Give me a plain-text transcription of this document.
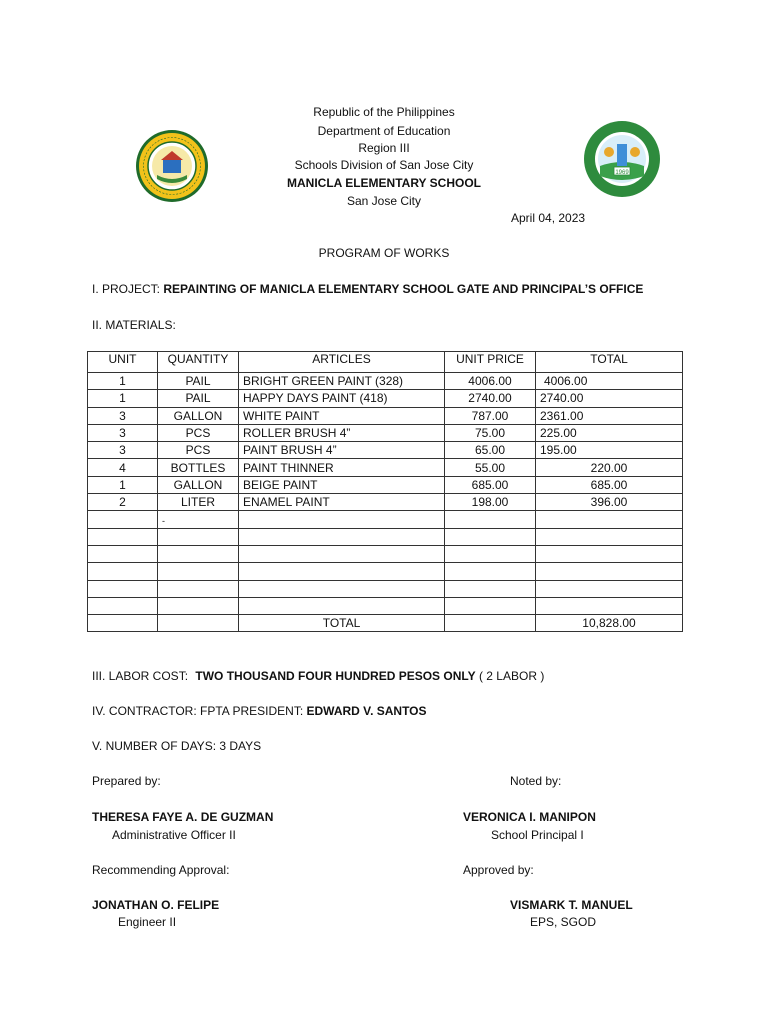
1969
Republic of the Philippines
Department of Education
Region III
Schools Division of San Jose City
MANICLA ELEMENTARY SCHOOL
San Jose City
April 04, 2023
PROGRAM OF WORKS
I. PROJECT: REPAINTING OF MANICLA ELEMENTARY SCHOOL GATE AND PRINCIPAL’S OFFICE
II. MATERIALS:
UNIT	QUANTITY	ARTICLES	UNIT PRICE	TOTAL
1	PAIL	BRIGHT GREEN PAINT (328)	4006.00	4006.00
1	PAIL	HAPPY DAYS PAINT (418)	2740.00	2740.00
3	GALLON	WHITE PAINT	787.00	2361.00
3	PCS	ROLLER BRUSH 4”	75.00	225.00
3	PCS	PAINT BRUSH 4”	65.00	195.00
4	BOTTLES	PAINT THINNER	55.00	220.00
1	GALLON	BEIGE PAINT	685.00	685.00
2	LITER	ENAMEL PAINT	198.00	396.00
	-			

		TOTAL		10,828.00
III. LABOR COST: TWO THOUSAND FOUR HUNDRED PESOS ONLY ( 2 LABOR )
IV. CONTRACTOR: FPTA PRESIDENT: EDWARD V. SANTOS
V. NUMBER OF DAYS: 3 DAYS
Prepared by:	Noted by:
THERESA FAYE A. DE GUZMAN
Administrative Officer II
VERONICA I. MANIPON
School Principal I
Recommending Approval:	Approved by:
JONATHAN O. FELIPE
Engineer II
VISMARK T. MANUEL
EPS, SGOD
